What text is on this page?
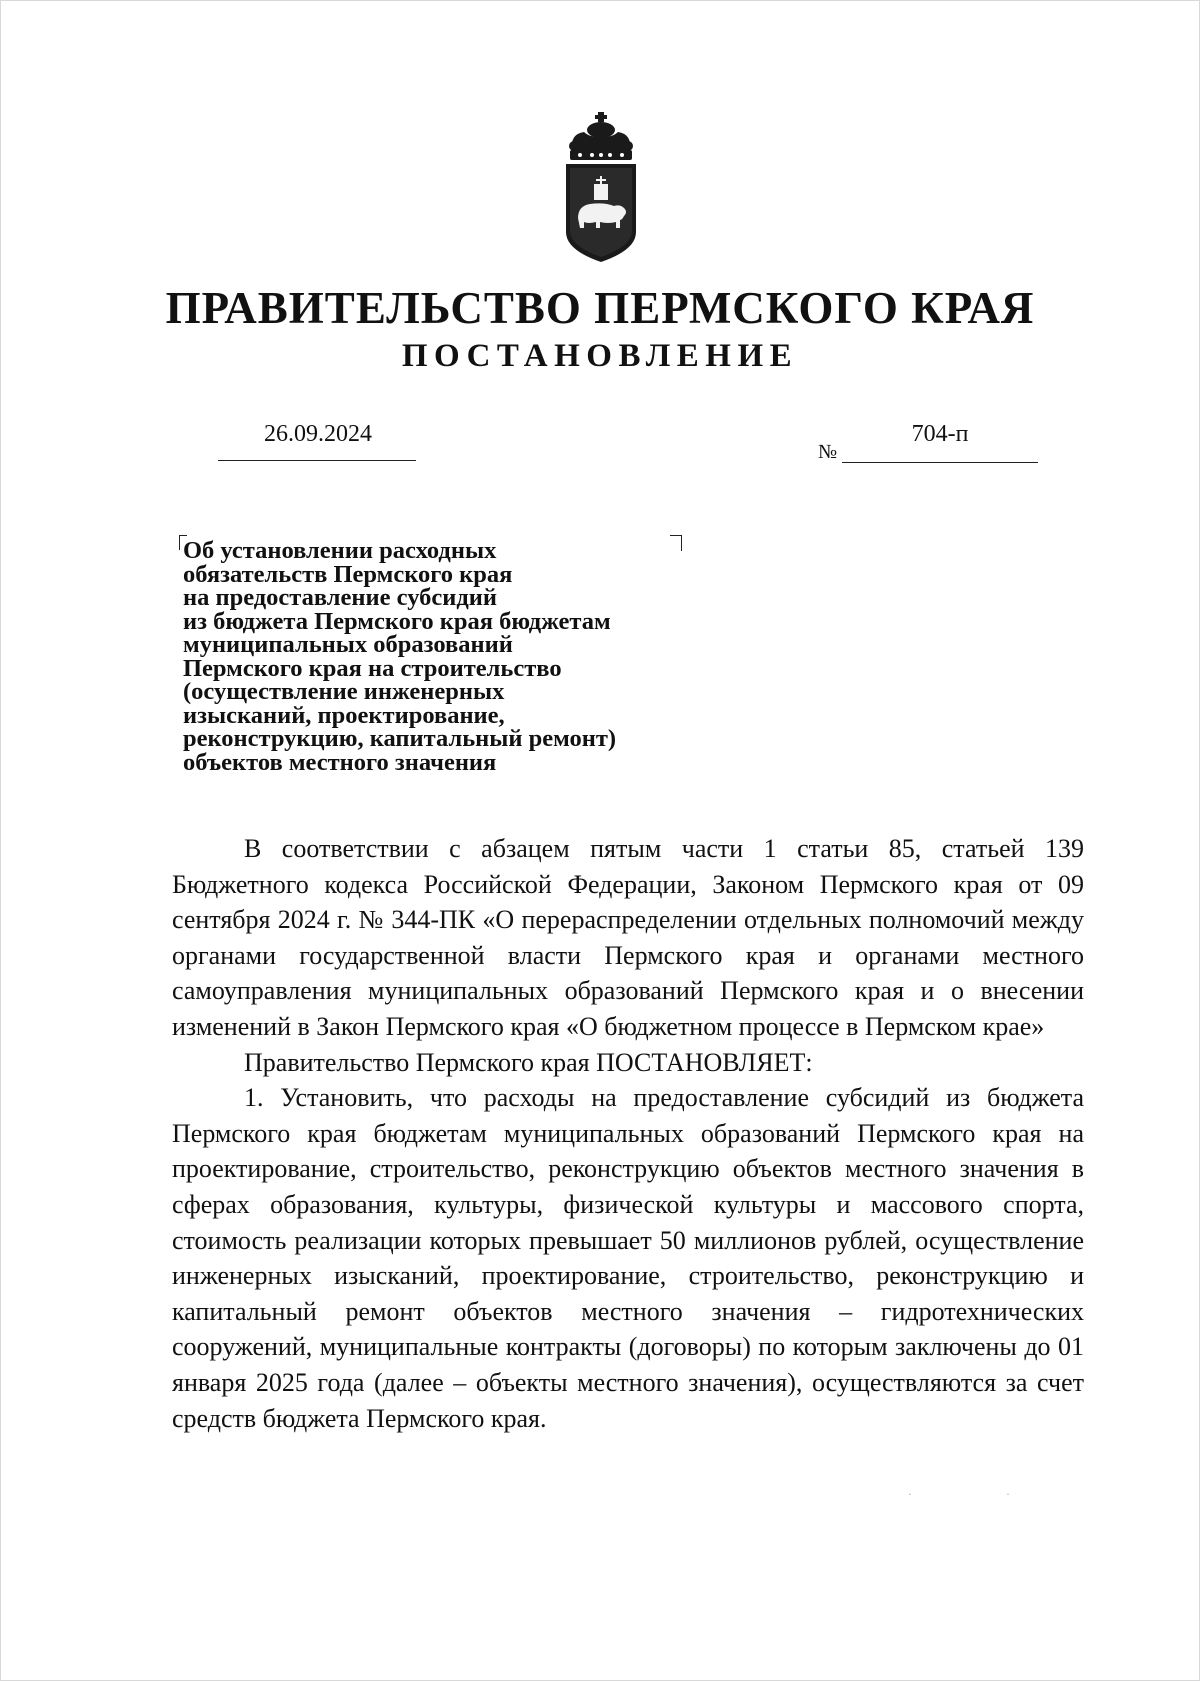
ПРАВИТЕЛЬСТВО ПЕРМСКОГО КРАЯ
ПОСТАНОВЛЕНИЕ
26.09.2024
№
704-п
Об установлении расходных
обязательств Пермского края
на предоставление субсидий
из бюджета Пермского края бюджетам
муниципальных образований
Пермского края на строительство
(осуществление инженерных
изысканий, проектирование,
реконструкцию, капитальный ремонт)
объектов местного значения

В соответствии с абзацем пятым части 1 статьи 85, статьей 139 Бюджетного кодекса Российской Федерации, Законом Пермского края от 09 сентября 2024 г. № 344-ПК «О перераспределении отдельных полномочий между органами государственной власти Пермского края и органами местного самоуправления муниципальных образований Пермского края и о внесении изменений в Закон Пермского края «О бюджетном процессе в Пермском крае»

Правительство Пермского края ПОСТАНОВЛЯЕТ:

1. Установить, что расходы на предоставление субсидий из бюджета Пермского края бюджетам муниципальных образований Пермского края на проектирование, строительство, реконструкцию объектов местного значения в сферах образования, культуры, физической культуры и массового спорта, стоимость реализации которых превышает 50 миллионов рублей, осуществление инженерных изысканий, проектирование, строительство, реконструкцию и капитальный ремонт объектов местного значения – гидротехнических сооружений, муниципальные контракты (договоры) по которым заключены до 01 января 2025 года (далее – объекты местного значения), осуществляются за счет средств бюджета Пермского края.

·	·
